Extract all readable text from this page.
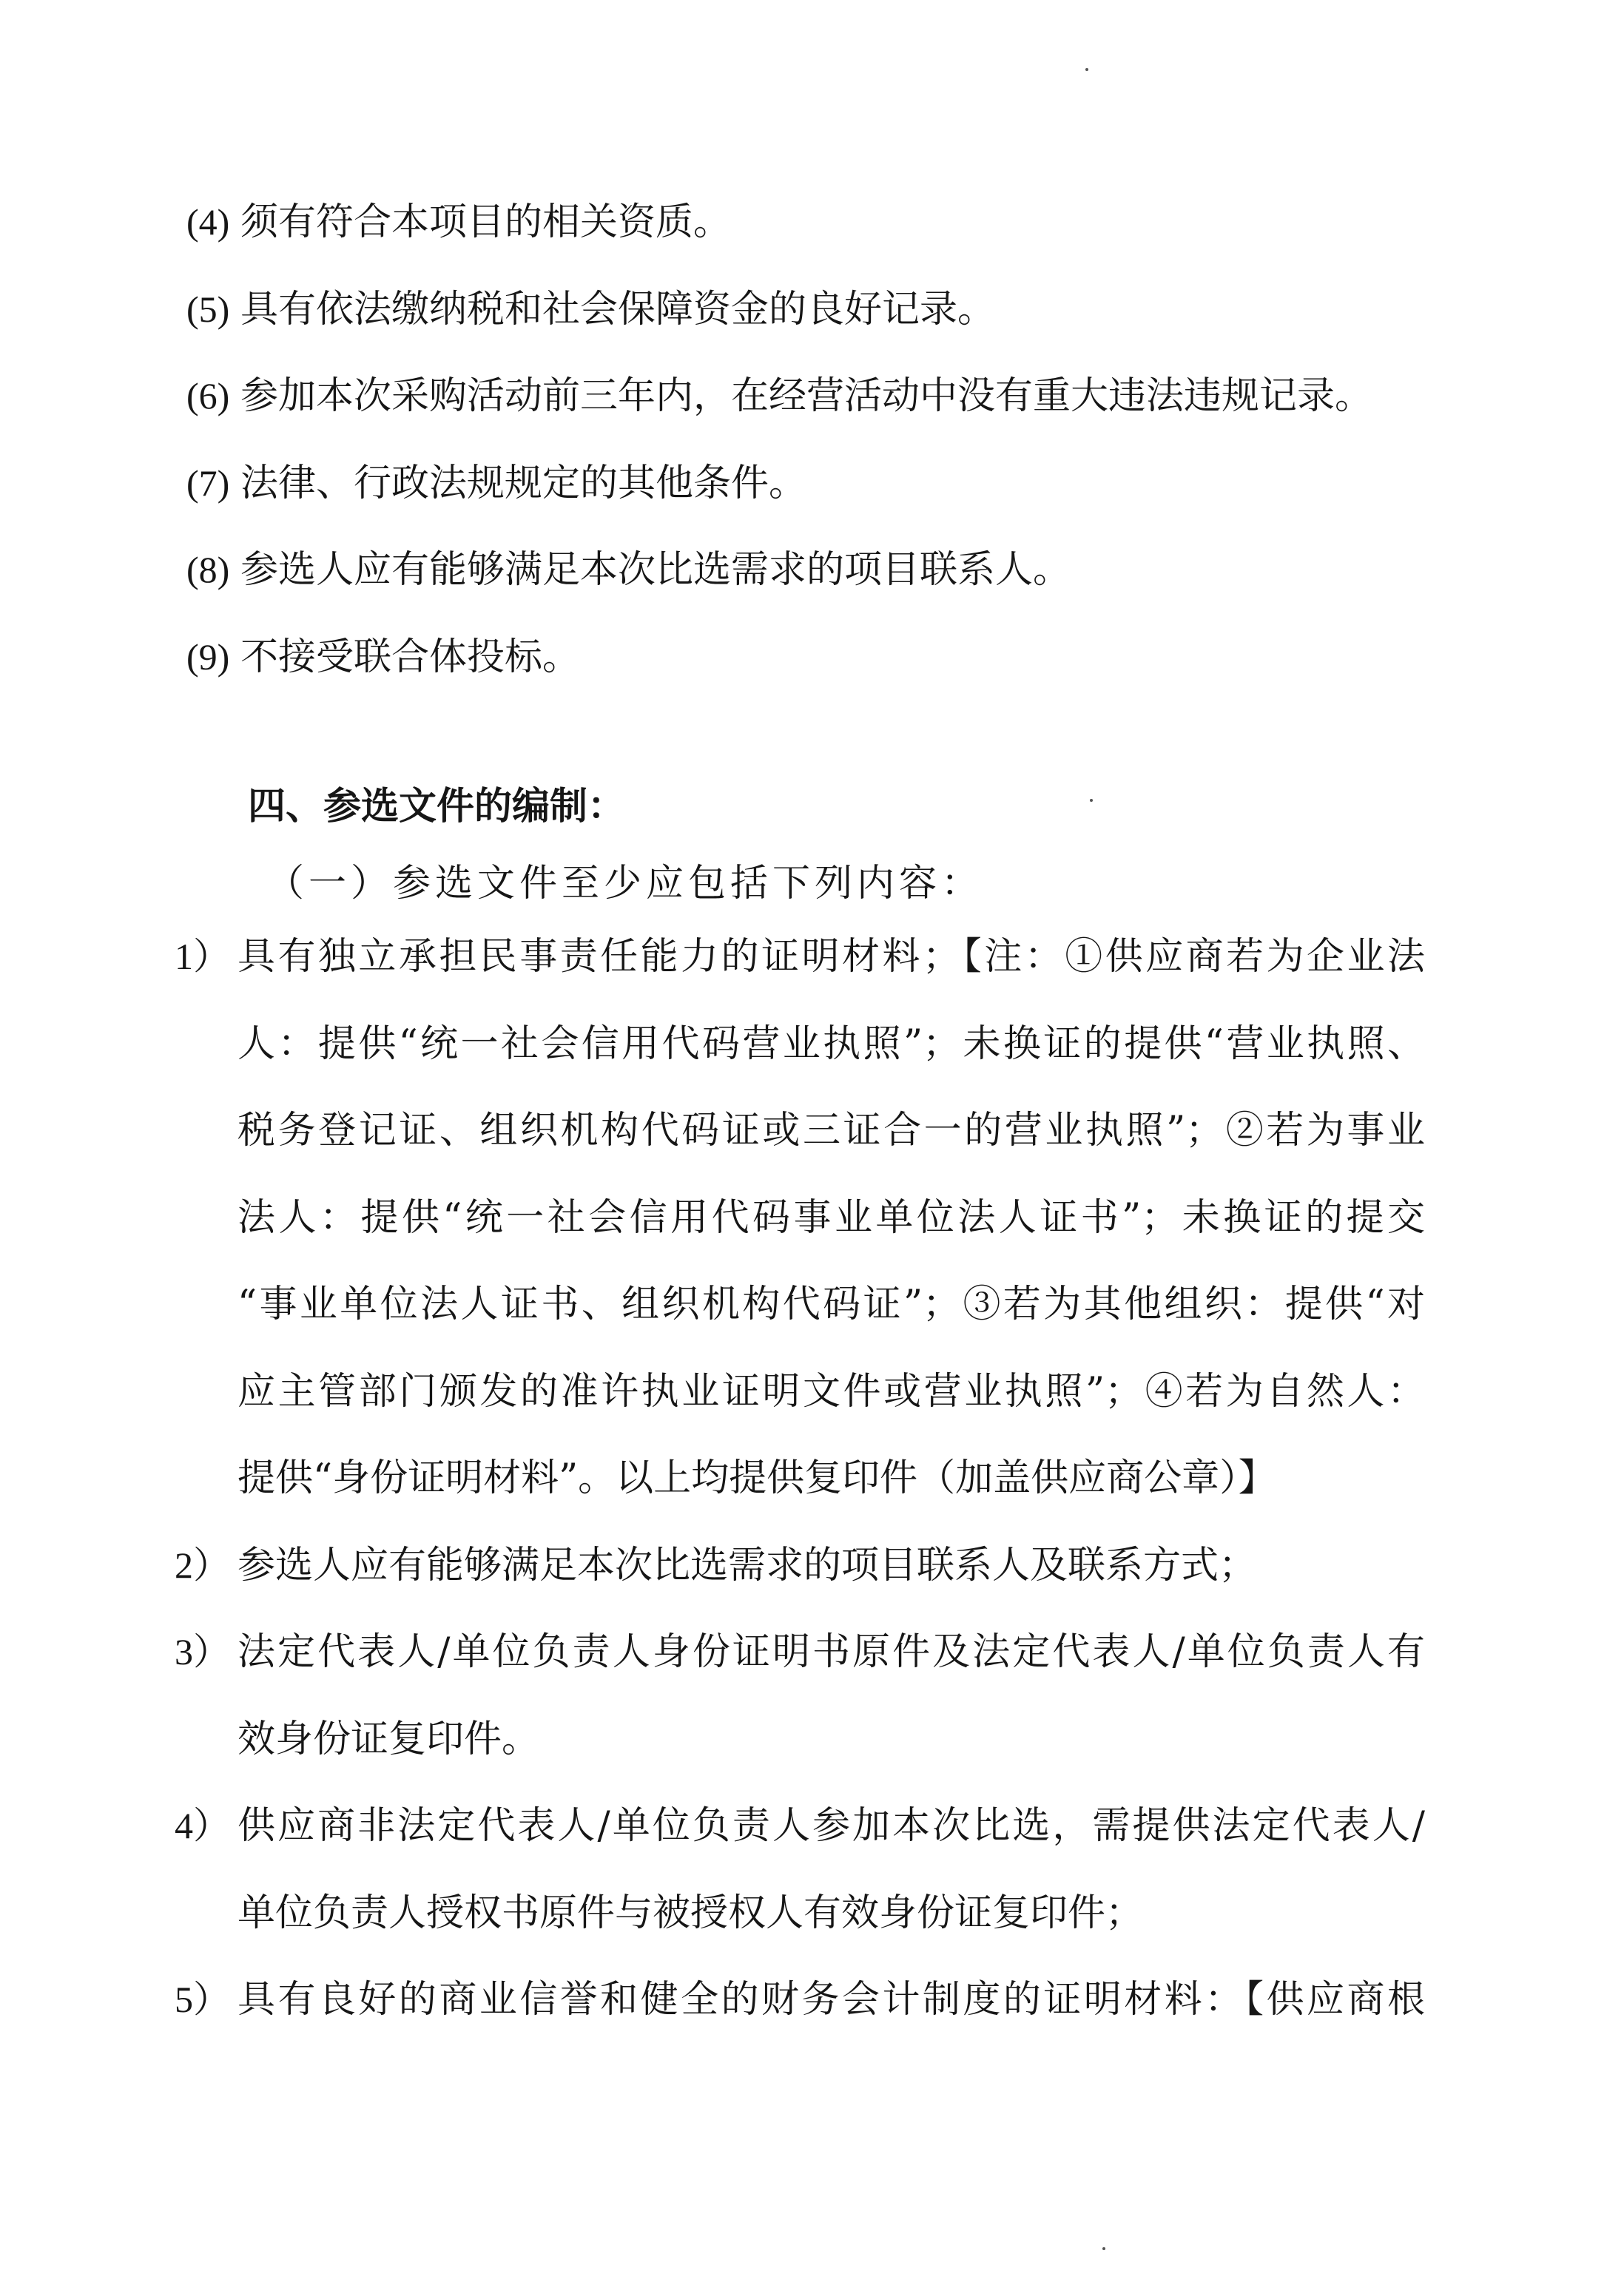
(4) 须有符合本项目的相关资质。
(5) 具有依法缴纳税和社会保障资金的良好记录。
(6) 参加本次采购活动前三年内，在经营活动中没有重大违法违规记录。
(7) 法律、行政法规规定的其他条件。
(8) 参选人应有能够满足本次比选需求的项目联系人。
(9) 不接受联合体投标。
四、参选文件的编制：
（一）参选文件至少应包括下列内容：
1） 具有独立承担民事责任能力的证明材料；【注：①供应商若为企业法
人：提供“统一社会信用代码营业执照”；未换证的提供“营业执照、
税务登记证、组织机构代码证或三证合一的营业执照”；②若为事业
法人：提供“统一社会信用代码事业单位法人证书”；未换证的提交
“事业单位法人证书、组织机构代码证”；③若为其他组织：提供“对
应主管部门颁发的准许执业证明文件或营业执照”；④若为自然人：
提供“身份证明材料”。以上均提供复印件（加盖供应商公章）】
2） 参选人应有能够满足本次比选需求的项目联系人及联系方式；
3） 法定代表人/单位负责人身份证明书原件及法定代表人/单位负责人有
效身份证复印件。
4） 供应商非法定代表人/单位负责人参加本次比选，需提供法定代表人/
单位负责人授权书原件与被授权人有效身份证复印件；
5） 具有良好的商业信誉和健全的财务会计制度的证明材料：【供应商根
